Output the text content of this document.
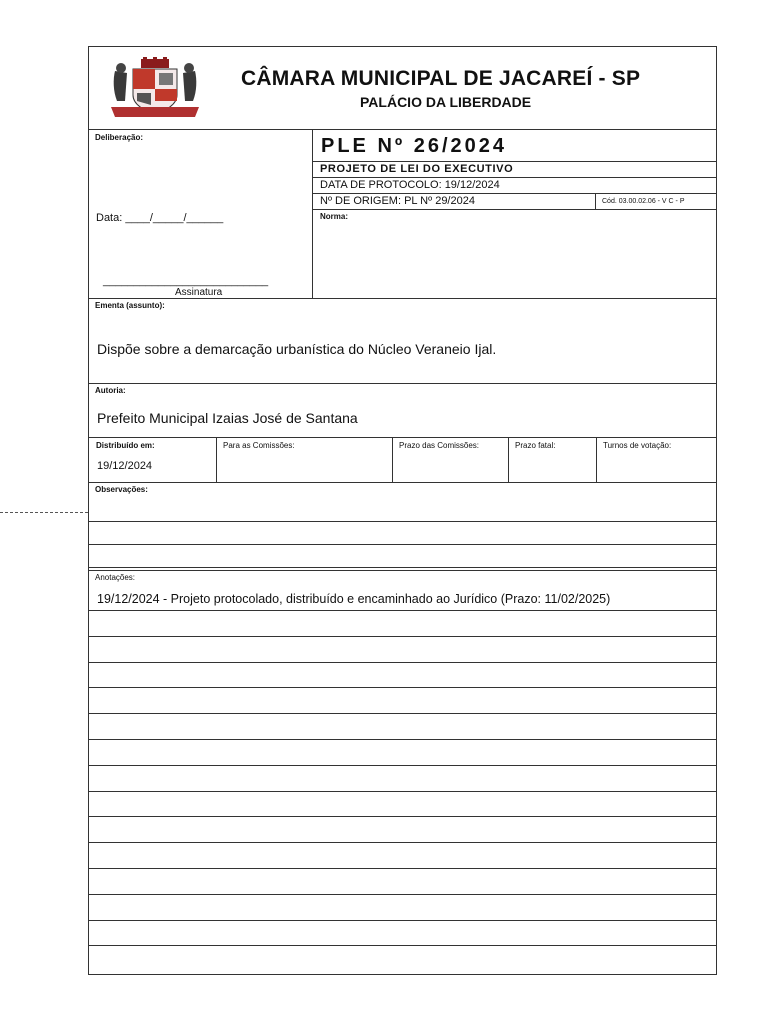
CÂMARA MUNICIPAL DE JACAREÍ - SP
PALÁCIO DA LIBERDADE
Deliberação:
Data: ____/_____/______
___________________________
Assinatura
PLE Nº 26/2024
PROJETO DE LEI DO EXECUTIVO
DATA DE PROTOCOLO: 19/12/2024
Nº DE ORIGEM: PL Nº 29/2024	Cód. 03.00.02.06 - V C - P
Norma:
Ementa (assunto):
Dispõe sobre a demarcação urbanística do Núcleo Veraneio Ijal.
Autoria:
Prefeito Municipal Izaias José de Santana
Distribuído em:
19/12/2024
Para as Comissões:	Prazo das Comissões:	Prazo fatal:	Turnos de votação:
Observações:
Anotações:
19/12/2024 - Projeto protocolado, distribuído e encaminhado ao Jurídico (Prazo: 11/02/2025)
